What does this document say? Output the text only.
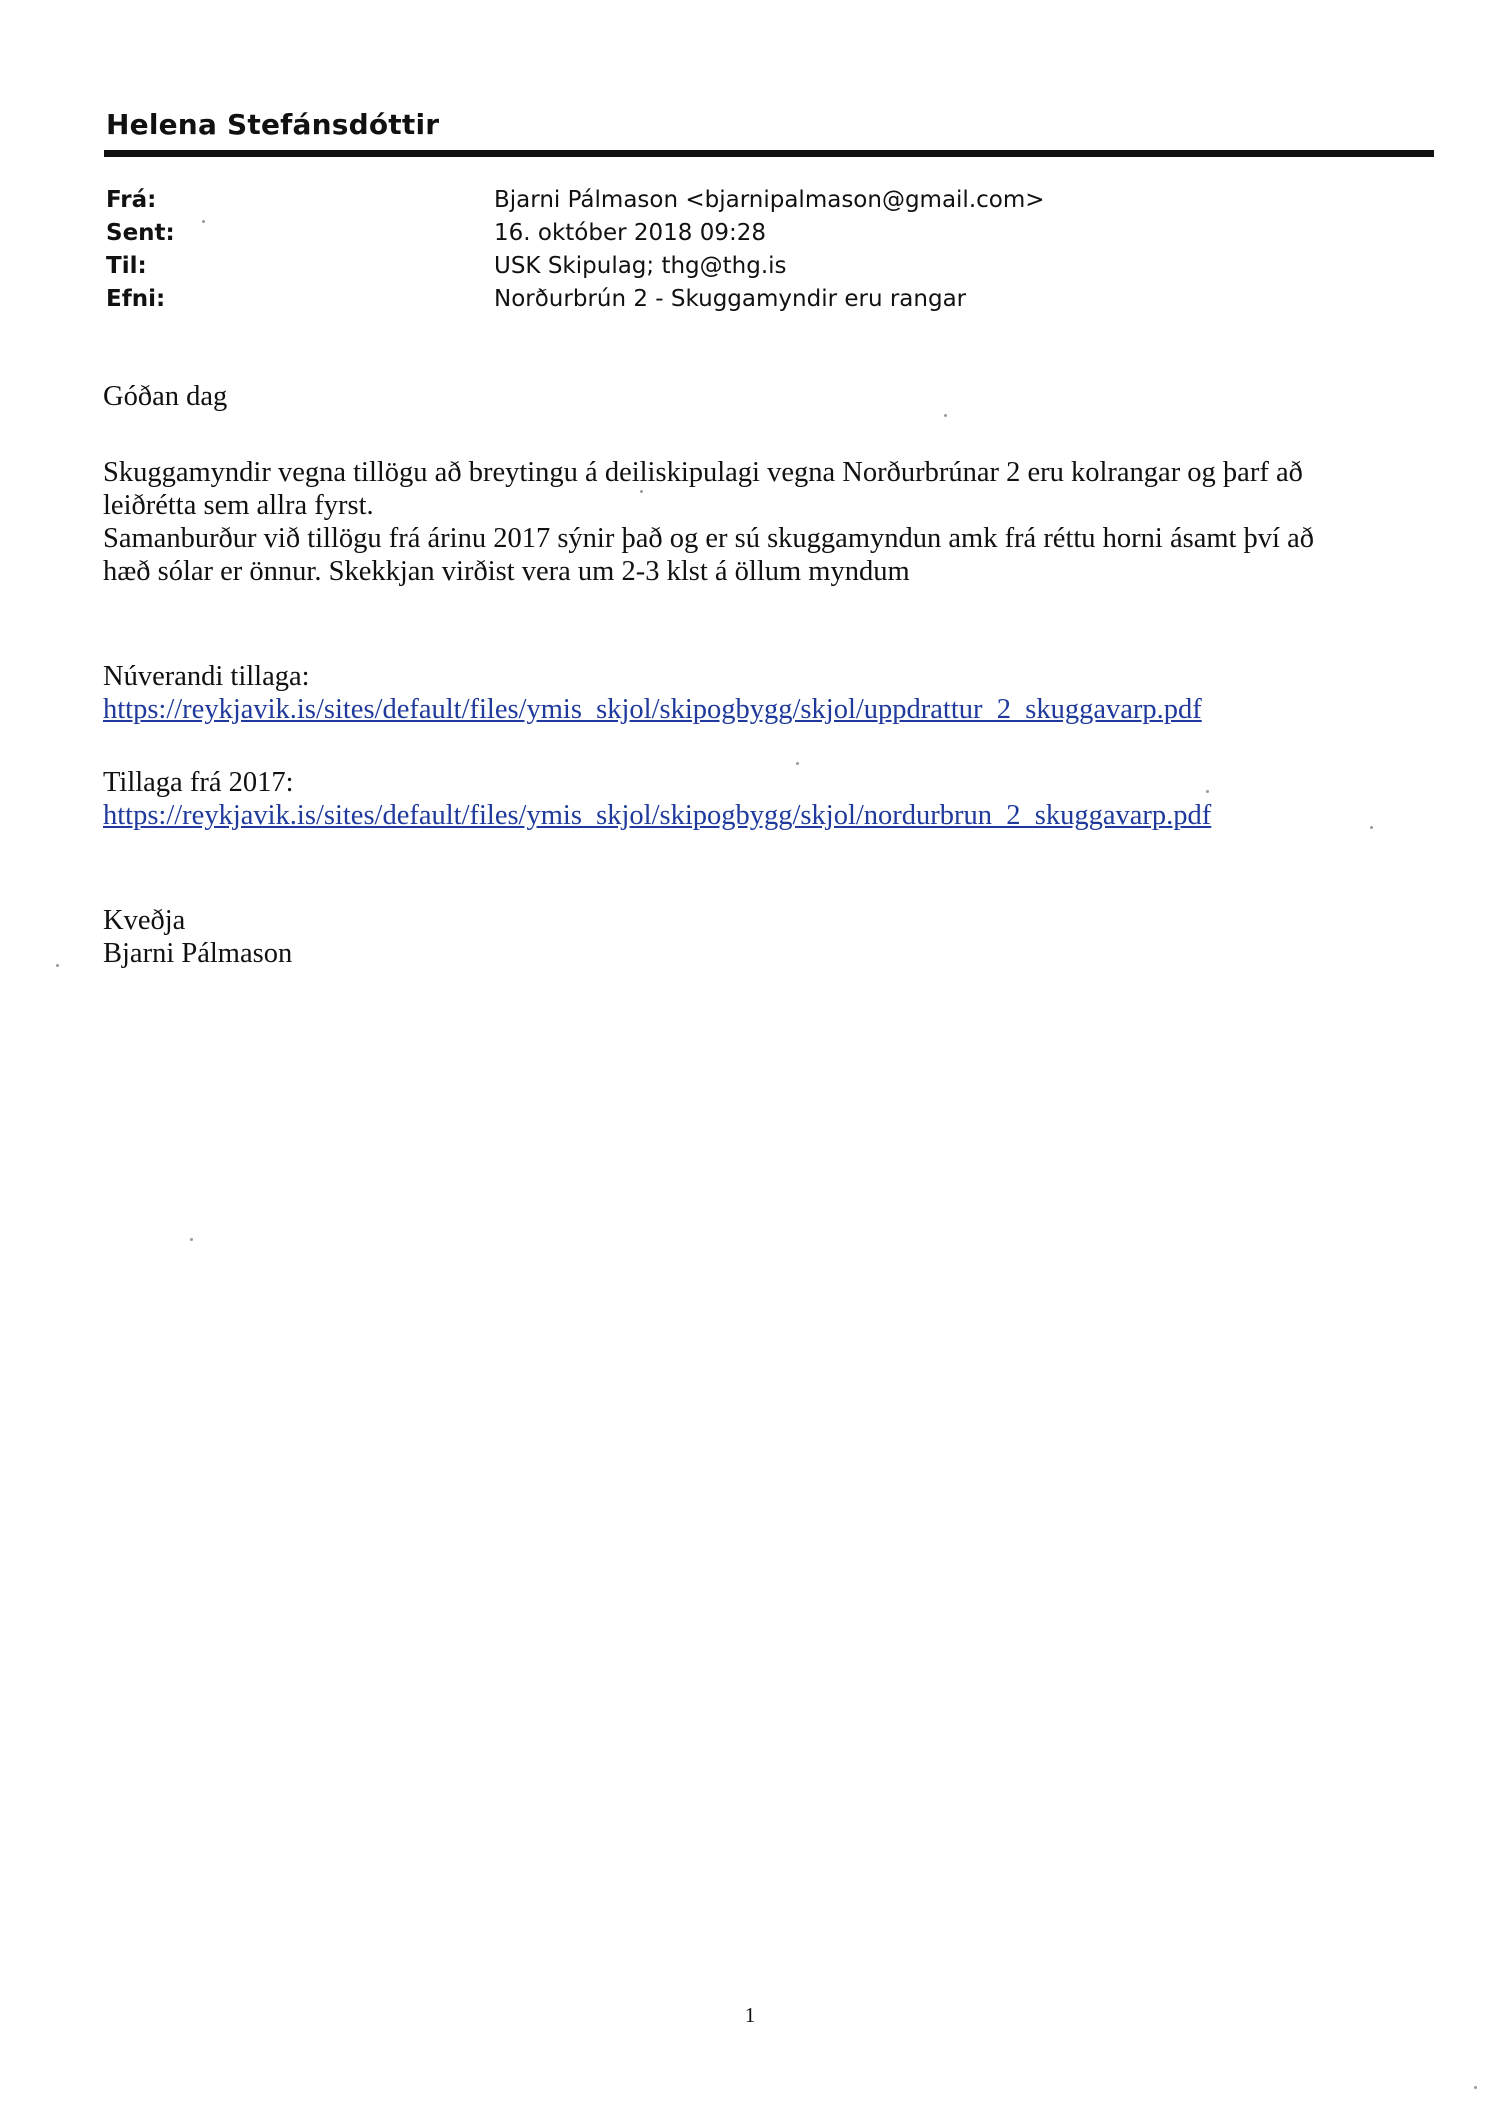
Helena Stefánsdóttir
Frá:	Bjarni Pálmason <bjarnipalmason@gmail.com>
Sent:	16. október 2018 09:28
Til:	USK Skipulag; thg@thg.is
Efni:	Norðurbrún 2 - Skuggamyndir eru rangar

Góðan dag

Skuggamyndir vegna tillögu að breytingu á deiliskipulagi vegna Norðurbrúnar 2 eru kolrangar og þarf að

leiðrétta sem allra fyrst.

Samanburður við tillögu frá árinu 2017 sýnir það og er sú skuggamyndun amk frá réttu horni ásamt því að

hæð sólar er önnur. Skekkjan virðist vera um 2-3 klst á öllum myndum

Núverandi tillaga:

https://reykjavik.is/sites/default/files/ymis_skjol/skipogbygg/skjol/uppdrattur_2_skuggavarp.pdf

Tillaga frá 2017:

https://reykjavik.is/sites/default/files/ymis_skjol/skipogbygg/skjol/nordurbrun_2_skuggavarp.pdf

Kveðja

Bjarni Pálmason

1
